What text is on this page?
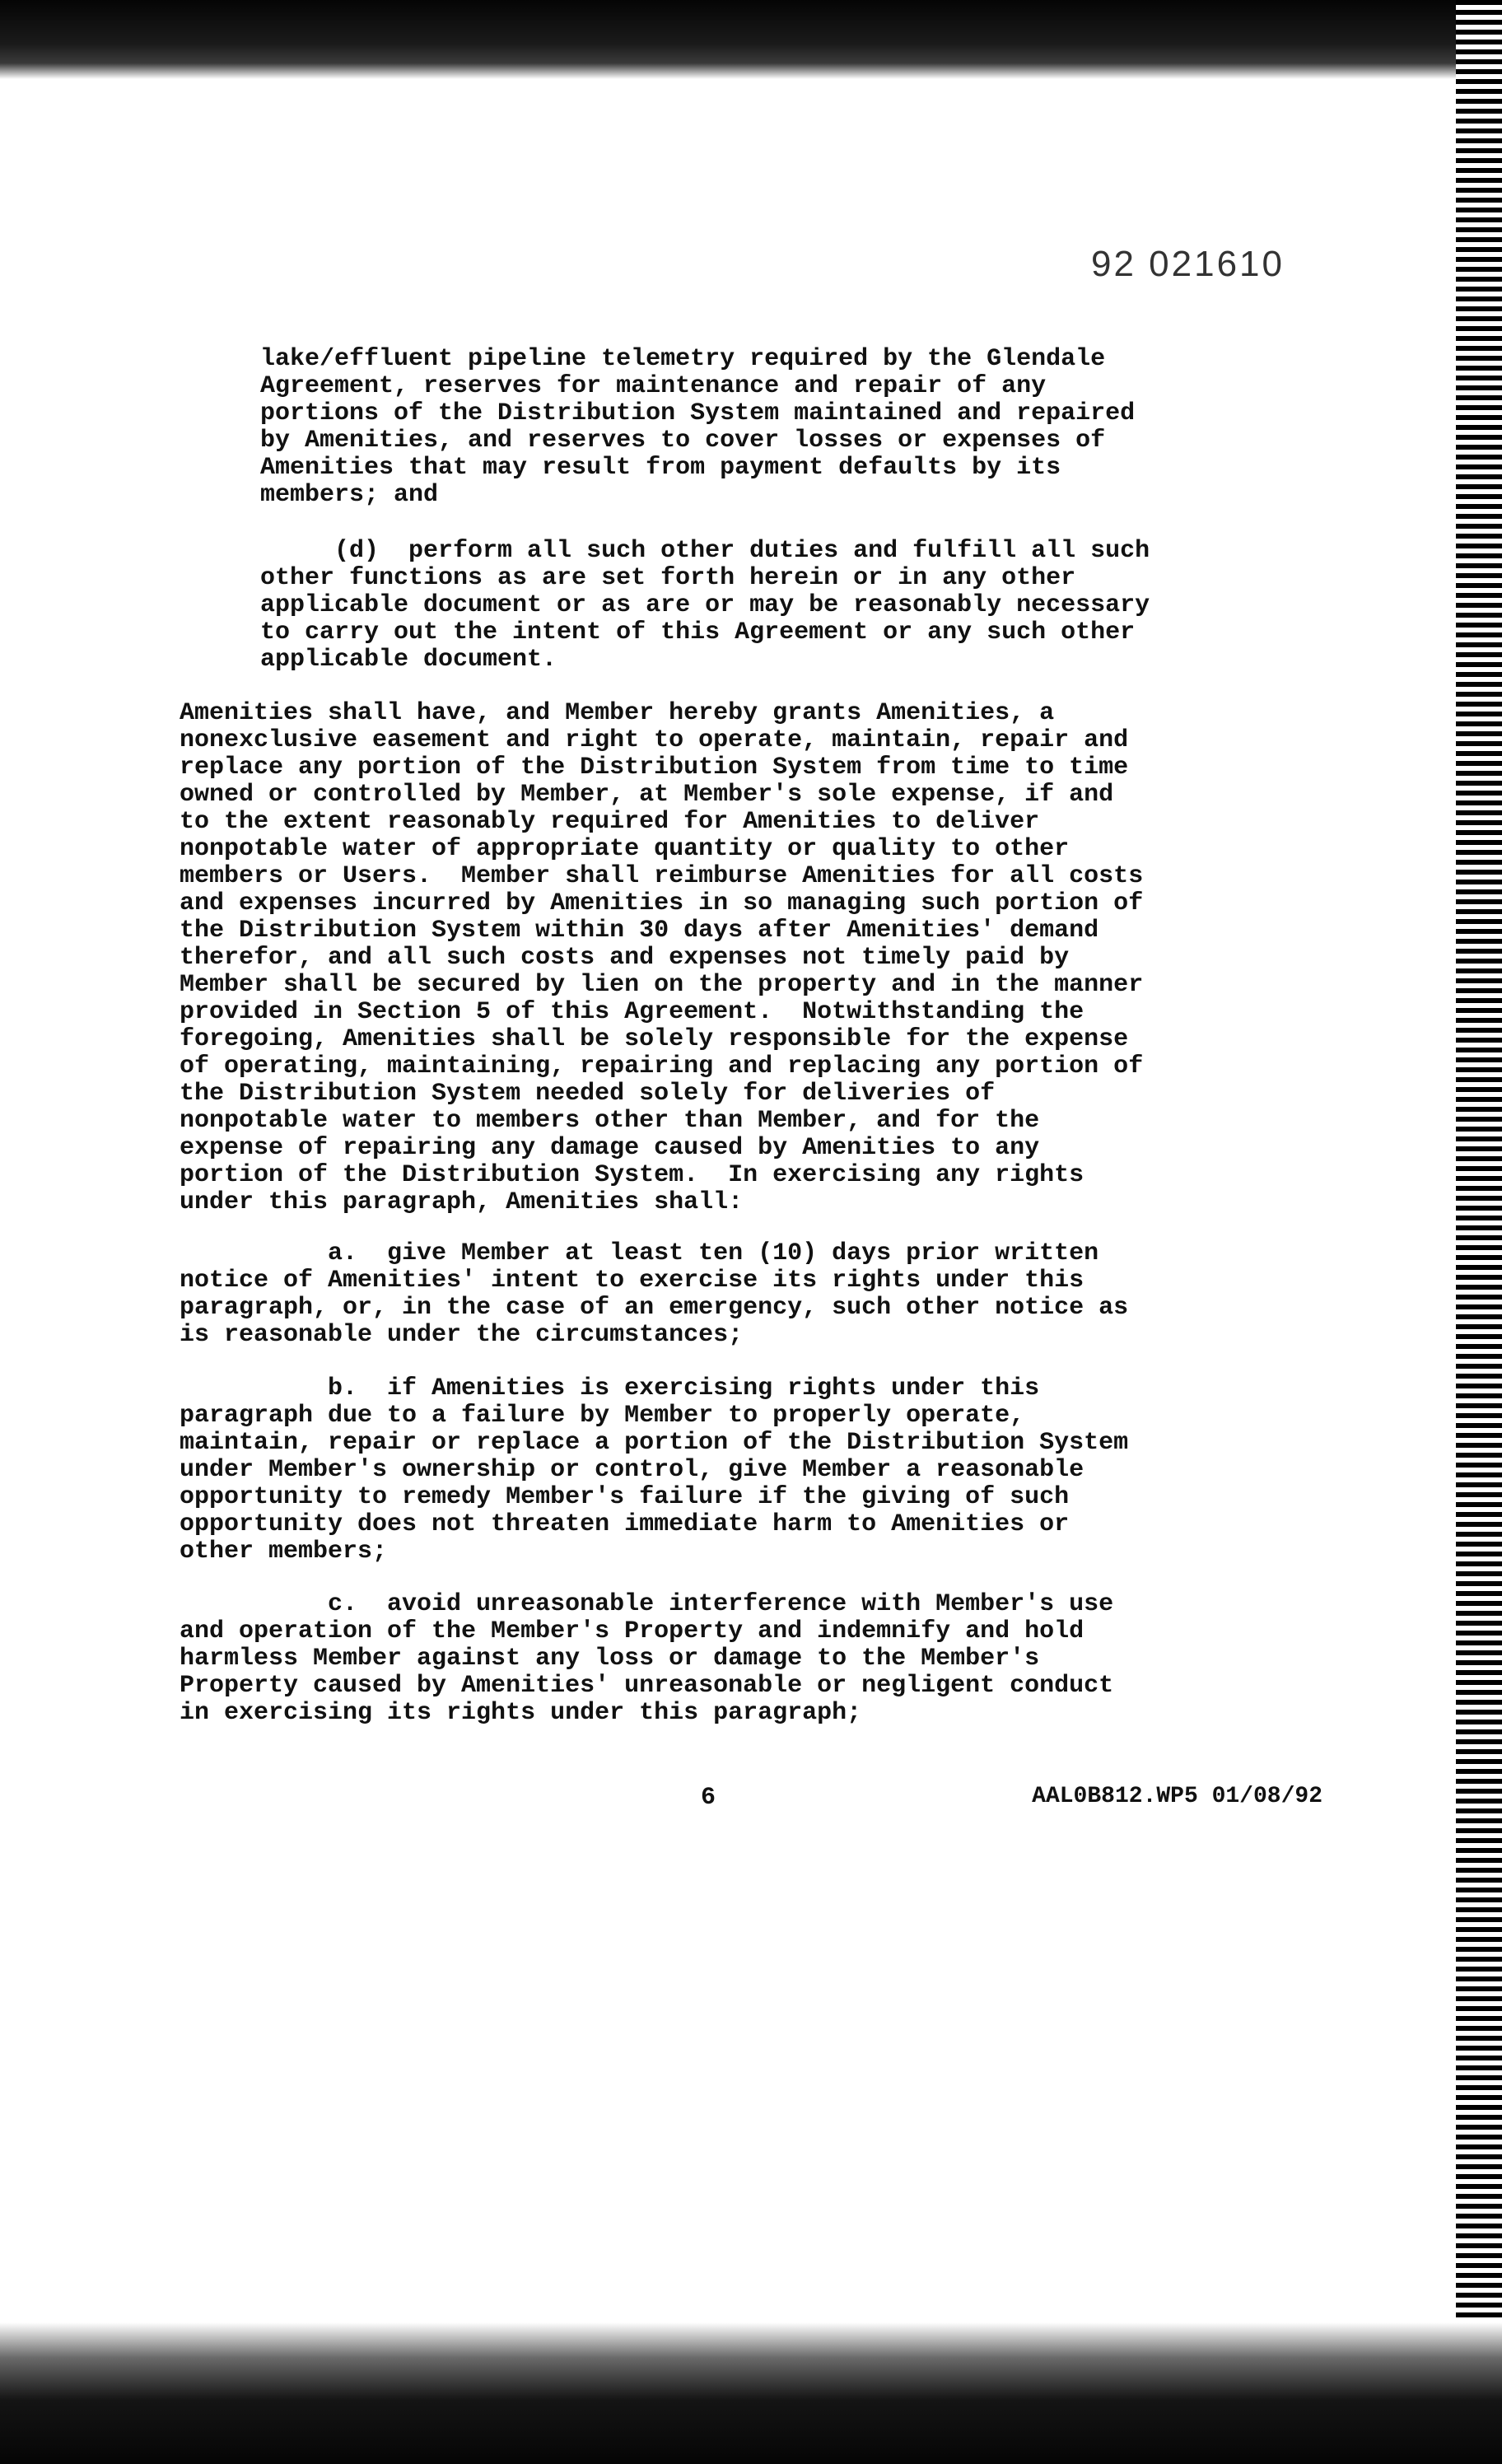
92 021610

lake/effluent pipeline telemetry required by the Glendale
Agreement, reserves for maintenance and repair of any
portions of the Distribution System maintained and repaired
by Amenities, and reserves to cover losses or expenses of
Amenities that may result from payment defaults by its
members; and

(d)  perform all such other duties and fulfill all such
other functions as are set forth herein or in any other
applicable document or as are or may be reasonably necessary
to carry out the intent of this Agreement or any such other
applicable document.

Amenities shall have, and Member hereby grants Amenities, a
nonexclusive easement and right to operate, maintain, repair and
replace any portion of the Distribution System from time to time
owned or controlled by Member, at Member's sole expense, if and
to the extent reasonably required for Amenities to deliver
nonpotable water of appropriate quantity or quality to other
members or Users.  Member shall reimburse Amenities for all costs
and expenses incurred by Amenities in so managing such portion of
the Distribution System within 30 days after Amenities' demand
therefor, and all such costs and expenses not timely paid by
Member shall be secured by lien on the property and in the manner
provided in Section 5 of this Agreement.  Notwithstanding the
foregoing, Amenities shall be solely responsible for the expense
of operating, maintaining, repairing and replacing any portion of
the Distribution System needed solely for deliveries of
nonpotable water to members other than Member, and for the
expense of repairing any damage caused by Amenities to any
portion of the Distribution System.  In exercising any rights
under this paragraph, Amenities shall:

a.  give Member at least ten (10) days prior written
notice of Amenities' intent to exercise its rights under this
paragraph, or, in the case of an emergency, such other notice as
is reasonable under the circumstances;

b.  if Amenities is exercising rights under this
paragraph due to a failure by Member to properly operate,
maintain, repair or replace a portion of the Distribution System
under Member's ownership or control, give Member a reasonable
opportunity to remedy Member's failure if the giving of such
opportunity does not threaten immediate harm to Amenities or
other members;

c.  avoid unreasonable interference with Member's use
and operation of the Member's Property and indemnify and hold
harmless Member against any loss or damage to the Member's
Property caused by Amenities' unreasonable or negligent conduct
in exercising its rights under this paragraph;

6	AAL0B812.WP5 01/08/92
